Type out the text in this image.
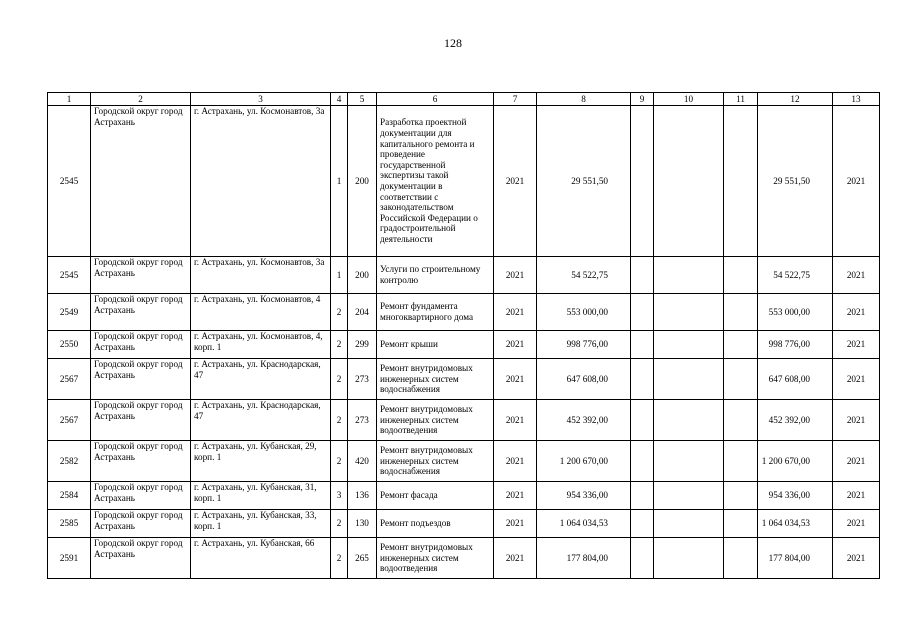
128
1	2	3	4	5	6	7	8	9	10	11	12	13
2545	Городской округ город Астрахань	г. Астрахань, ул. Космонавтов, 3а	1	200	Разработка проектной документации для капитального ремонта и проведение государственной экспертизы такой документации в соответствии с законодательством Российской Федерации о градостроительной деятельности	2021	29 551,50				29 551,50	2021
2545	Городской округ город Астрахань	г. Астрахань, ул. Космонавтов, 3а	1	200	Услуги по строительному контролю	2021	54 522,75				54 522,75	2021
2549	Городской округ город Астрахань	г. Астрахань, ул. Космонавтов, 4	2	204	Ремонт фундамента многоквартирного дома	2021	553 000,00				553 000,00	2021
2550	Городской округ город Астрахань	г. Астрахань, ул. Космонавтов, 4, корп. 1	2	299	Ремонт крыши	2021	998 776,00				998 776,00	2021
2567	Городской округ город Астрахань	г. Астрахань, ул. Краснодарская, 47	2	273	Ремонт внутридомовых инженерных систем водоснабжения	2021	647 608,00				647 608,00	2021
2567	Городской округ город Астрахань	г. Астрахань, ул. Краснодарская, 47	2	273	Ремонт внутридомовых инженерных систем водоотведения	2021	452 392,00				452 392,00	2021
2582	Городской округ город Астрахань	г. Астрахань, ул. Кубанская, 29, корп. 1	2	420	Ремонт внутридомовых инженерных систем водоснабжения	2021	1 200 670,00				1 200 670,00	2021
2584	Городской округ город Астрахань	г. Астрахань, ул. Кубанская, 31, корп. 1	3	136	Ремонт фасада	2021	954 336,00				954 336,00	2021
2585	Городской округ город Астрахань	г. Астрахань, ул. Кубанская, 33, корп. 1	2	130	Ремонт подъездов	2021	1 064 034,53				1 064 034,53	2021
2591	Городской округ город Астрахань	г. Астрахань, ул. Кубанская, 66	2	265	Ремонт внутридомовых инженерных систем водоотведения	2021	177 804,00				177 804,00	2021
